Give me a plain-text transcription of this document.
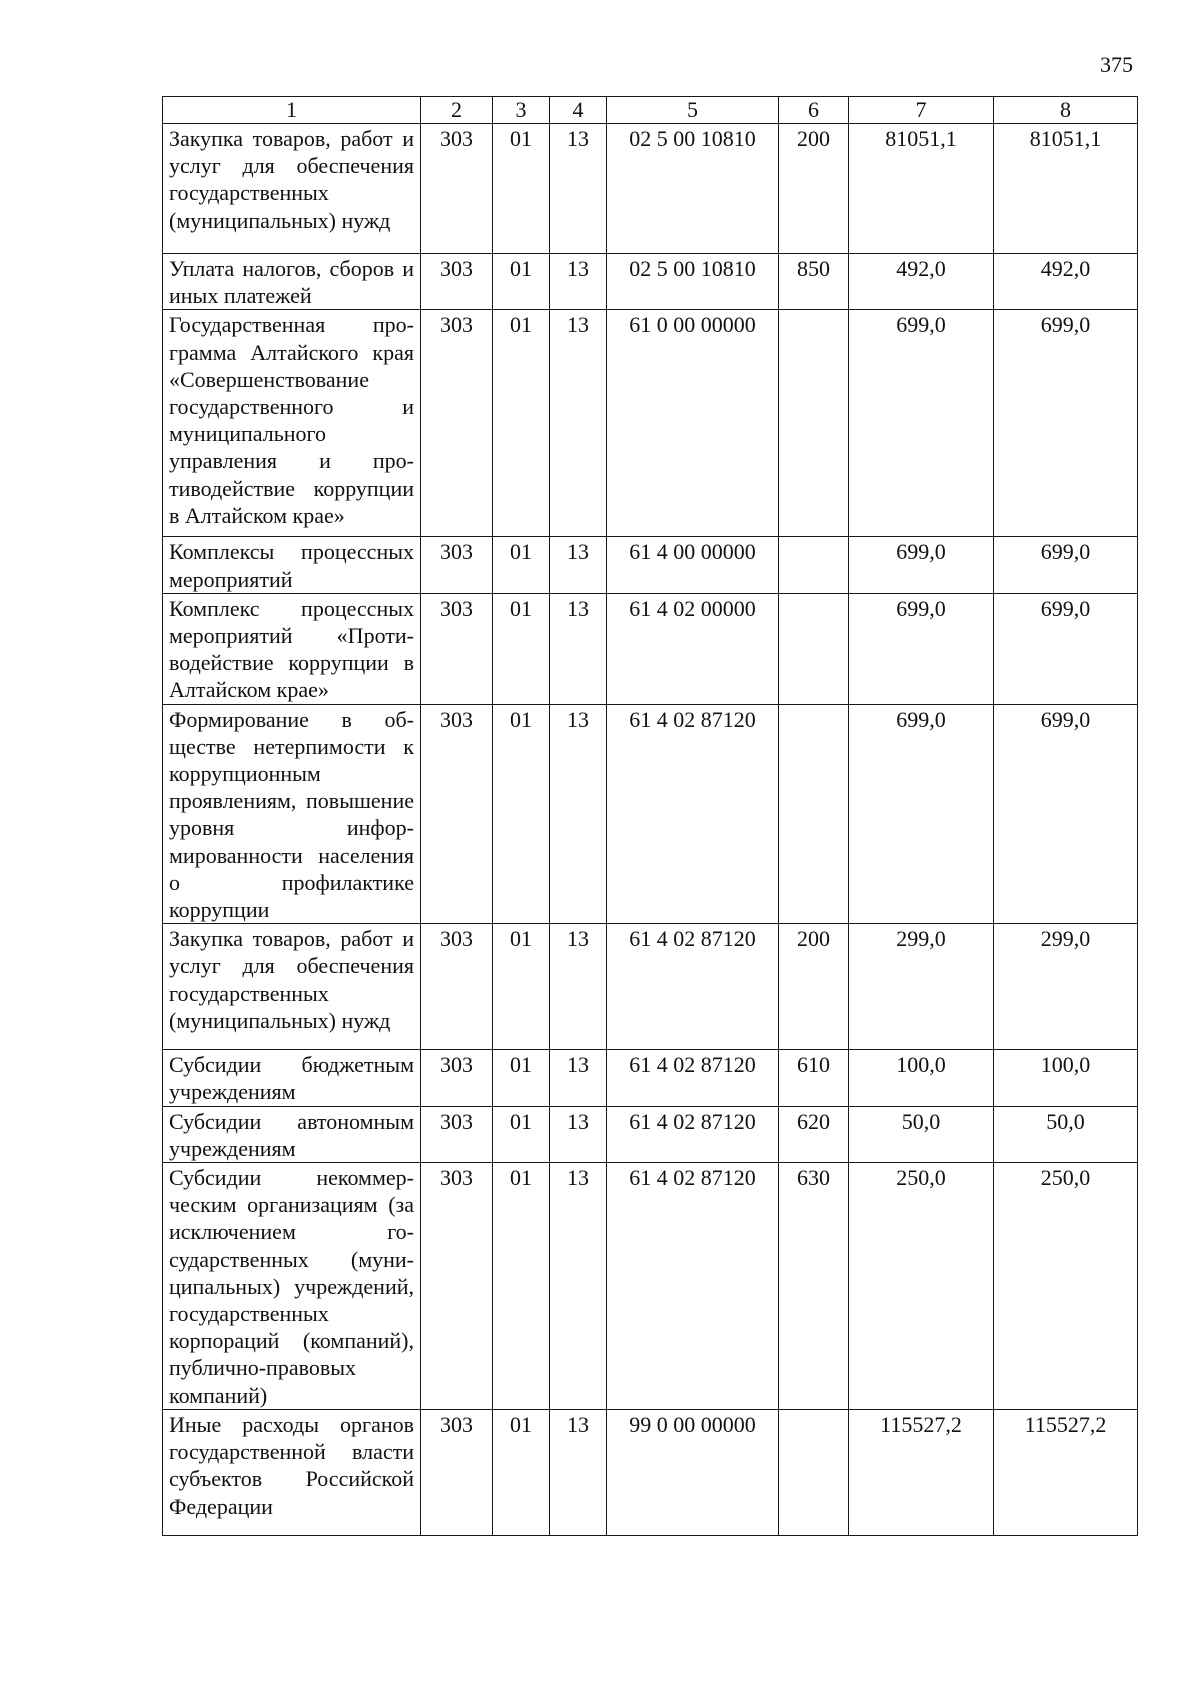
375
1	2	3	4	5	6	7	8
Закупка товаров, работ и услуг для обеспечения государственных (муниципальных) нужд	303	01	13	02 5 00 10810	200	81051,1	81051,1
Уплата налогов, сборов и иных платежей	303	01	13	02 5 00 10810	850	492,0	492,0
Государственная программа Алтайского края «Совершенствование государственного и муниципального управления и противодействие коррупции в Алтайском крае»	303	01	13	61 0 00 00000		699,0	699,0
Комплексы процессных мероприятий	303	01	13	61 4 00 00000		699,0	699,0
Комплекс процессных мероприятий «Противодействие коррупции в Алтайском крае»	303	01	13	61 4 02 00000		699,0	699,0
Формирование в обществе нетерпимости к коррупционным проявлениям, повышение уровня информированности населения о профилактике коррупции	303	01	13	61 4 02 87120		699,0	699,0
Закупка товаров, работ и услуг для обеспечения государственных (муниципальных) нужд	303	01	13	61 4 02 87120	200	299,0	299,0
Субсидии бюджетным учреждениям	303	01	13	61 4 02 87120	610	100,0	100,0
Субсидии автономным учреждениям	303	01	13	61 4 02 87120	620	50,0	50,0
Субсидии некоммерческим организациям (за исключением государственных (муниципальных) учреждений, государственных корпораций (компаний), публично-правовых компаний)	303	01	13	61 4 02 87120	630	250,0	250,0
Иные расходы органов государственной власти субъектов Российской Федерации	303	01	13	99 0 00 00000		115527,2	115527,2
